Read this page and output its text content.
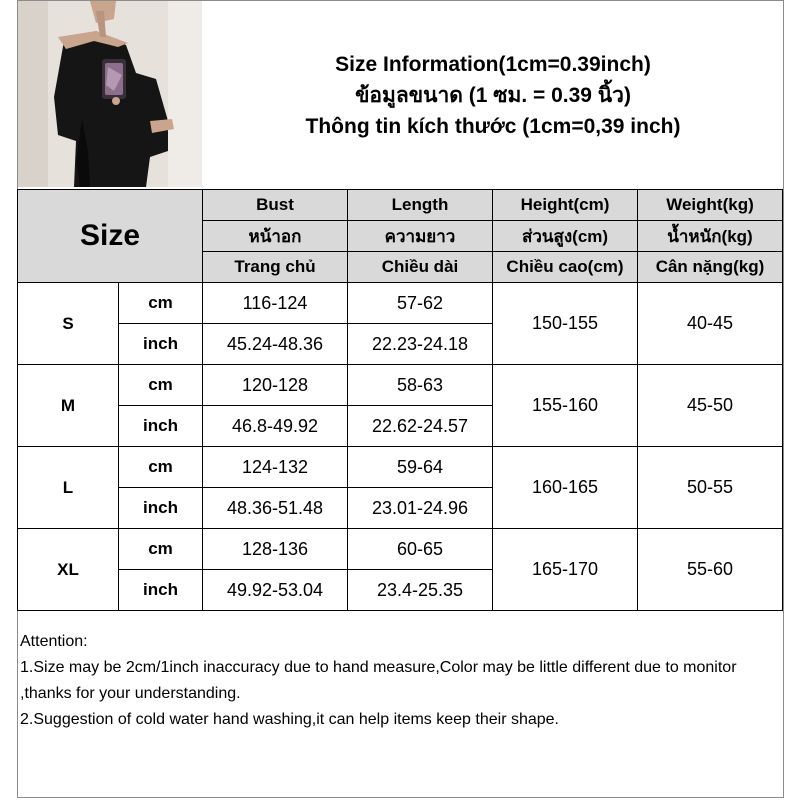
Size Information(1cm=0.39inch)
ข้อมูลขนาด (1 ซม. = 0.39 นิ้ว)
Thông tin kích thước (1cm=0,39 inch)
Size		Bust	Length	Height(cm)	Weight(kg)
		หน้าอก	ความยาว	ส่วนสูง(cm)	น้ำหนัก(kg)
		Trang chủ	Chiều dài	Chiều cao(cm)	Cân nặng(kg)
S	cm	116-124	57-62	150-155	40-45
	inch	45.24-48.36	22.23-24.18		
M	cm	120-128	58-63	155-160	45-50
	inch	46.8-49.92	22.62-24.57		
L	cm	124-132	59-64	160-165	50-55
	inch	48.36-51.48	23.01-24.96		
XL	cm	128-136	60-65	165-170	55-60
	inch	49.92-53.04	23.4-25.35		

Attention:

1.Size may be 2cm/1inch inaccuracy due to hand measure,Color may be little different due to monitor ,thanks for your understanding.

2.Suggestion of cold water hand washing,it can help items keep their shape.
